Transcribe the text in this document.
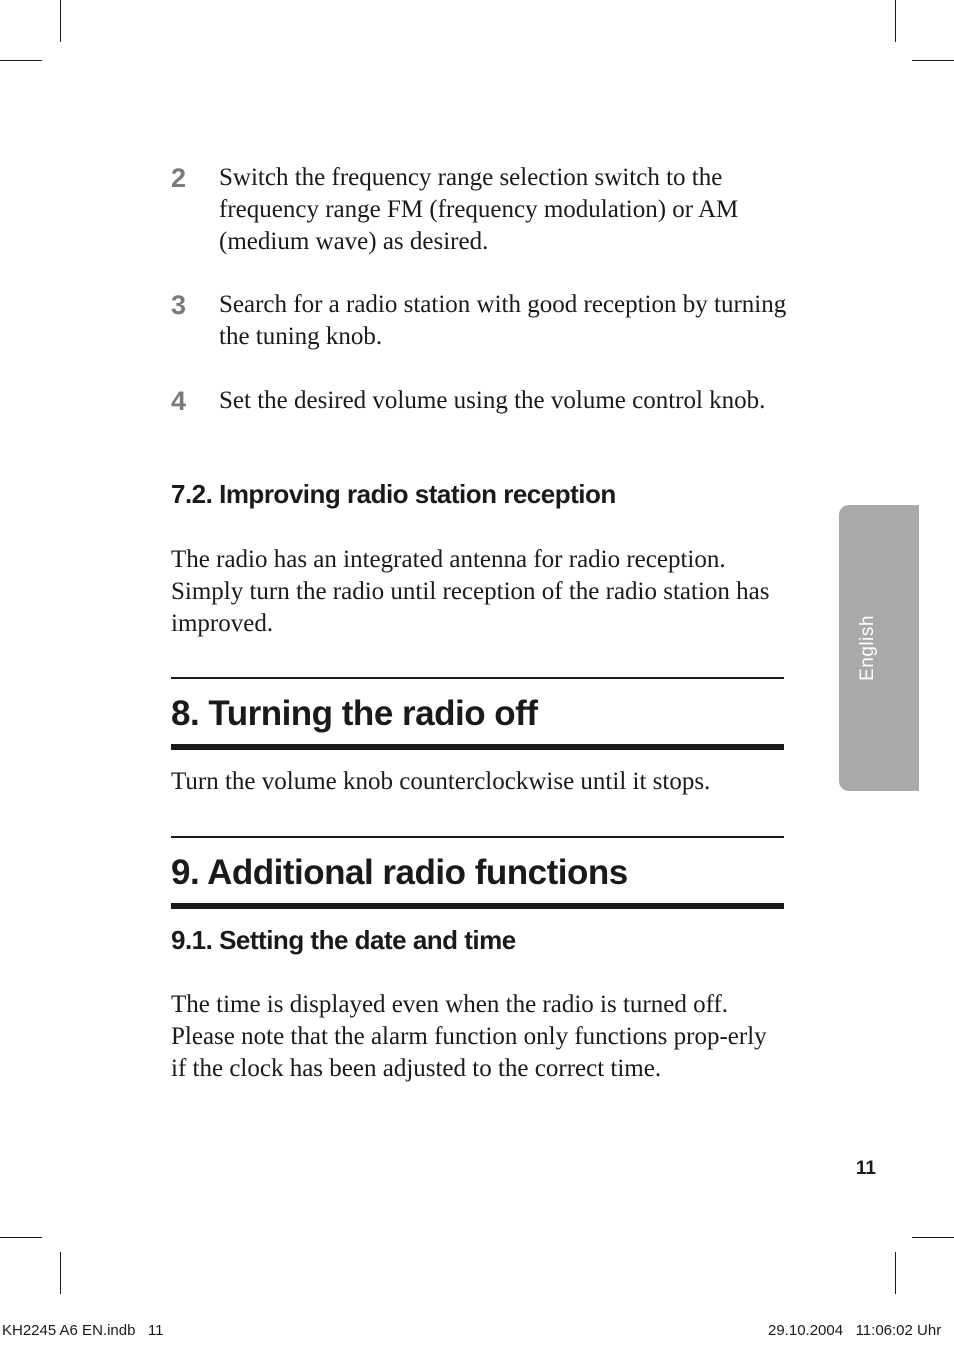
2 Switch the frequency range selection switch to the frequency range FM (frequency modulation) or AM (medium wave) as desired.
3 Search for a radio station with good reception by turning the tuning knob.
4 Set the desired volume using the volume control knob.
7.2. Improving radio station reception
The radio has an integrated antenna for radio reception. Simply turn the radio until reception of the radio station has improved.
8. Turning the radio off
Turn the volume knob counterclockwise until it stops.
9. Additional radio functions
9.1. Setting the date and time
The time is displayed even when the radio is turned off. Please note that the alarm function only functions prop-erly if the clock has been adjusted to the correct time.
English
11
KH2245 A6 EN.indb   11	29.10.2004   11:06:02 Uhr
